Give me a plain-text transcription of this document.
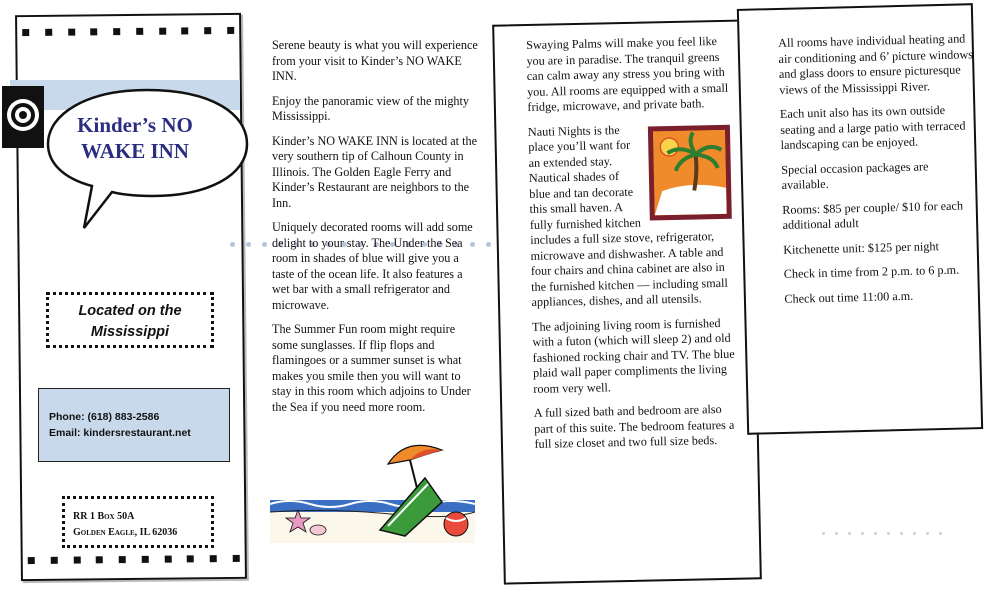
Kinder’s NO
WAKE INN
Located on the
Mississippi
Phone: (618) 883-2586
Email: kindersrestaurant.net
RR 1 Box 50A
Golden Eagle, IL 62036

Serene beauty is what you will experience from your visit to Kinder’s NO WAKE INN.

Enjoy the panoramic view of the mighty Mississippi.

Kinder’s NO WAKE INN is located at the very southern tip of Calhoun County in Illinois. The Golden Eagle Ferry and Kinder’s Restaurant are neighbors to the Inn.

Uniquely decorated rooms will add some delight to your stay. The Under the Sea room in shades of blue will give you a taste of the ocean life. It also features a wet bar with a small refrigerator and microwave.

The Summer Fun room might require some sunglasses. If flip flops and flamingoes or a summer sunset is what makes you smile then you will want to stay in this room which adjoins to Under the Sea if you need more room.

Swaying Palms will make you feel like you are in paradise. The tranquil greens can calm away any stress you bring with you. All rooms are equipped with a small fridge, microwave, and private bath.

Nauti Nights is the place you’ll want for an extended stay. Nautical shades of blue and tan decorate this small haven. A fully furnished kitchen includes a full size stove, refrigerator, microwave and dishwasher. A table and four chairs and china cabinet are also in the furnished kitchen — including small appliances, dishes, and all utensils.

The adjoining living room is furnished with a futon (which will sleep 2) and old fashioned rocking chair and TV. The blue plaid wall paper compliments the living room very well.

A full sized bath and bedroom are also part of this suite. The bedroom features a full size closet and two full size beds.

All rooms have individual heating and air conditioning and 6’ picture windows and glass doors to ensure picturesque views of the Mississippi River.

Each unit also has its own outside seating and a large patio with terraced landscaping can be enjoyed.

Special occasion packages are available.

Rooms: $85 per couple/ $10 for each additional adult

Kitchenette unit: $125 per night

Check in time from 2 p.m. to 6 p.m.

Check out time 11:00 a.m.
